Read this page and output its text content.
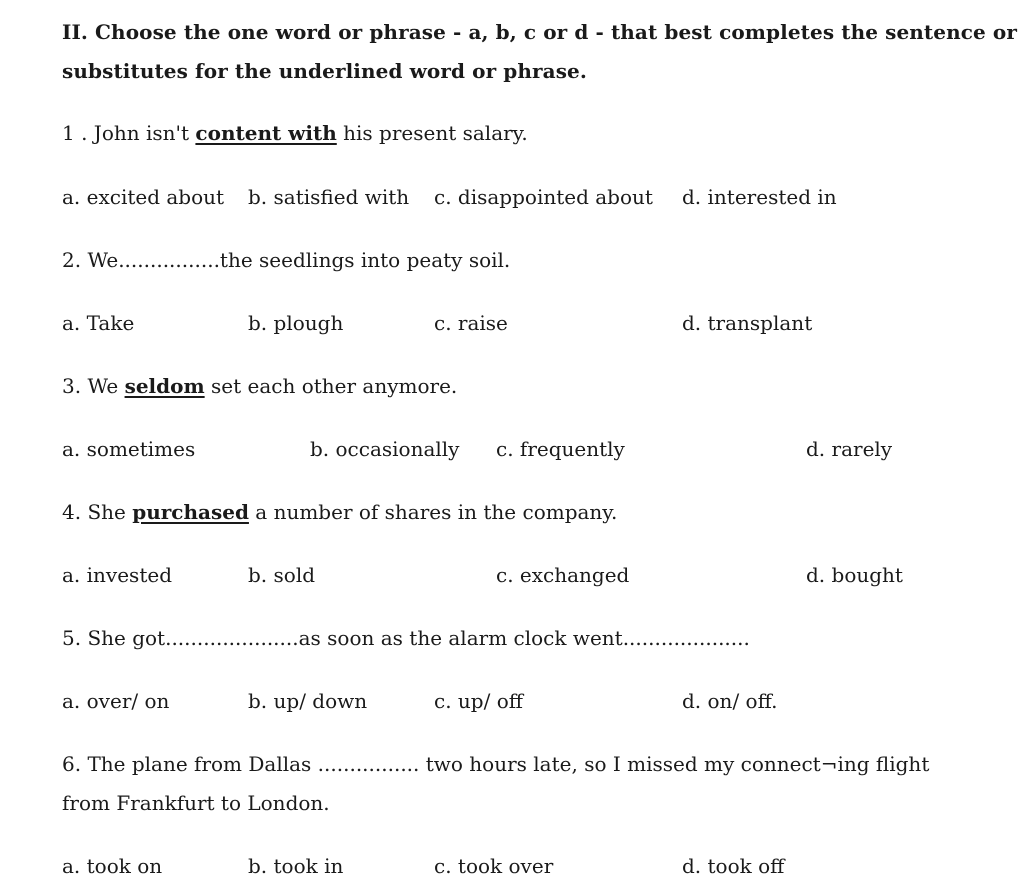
II. Choose the one word or phrase - a, b, c or d - that best completes the sentence or
substitutes for the underlined word or phrase.
1 . John isn't content with his present salary.
a. excited about b. satisfied with c. disappointed about d. interested in
2. We................the seedlings into peaty soil.
a. Take	b. plough	c. raise	d. transplant
3. We seldom set each other anymore.
a. sometimes	b. occasionally c. frequently	d. rarely
4. She purchased a number of shares in the company.
a. invested	b. sold	c. exchanged	d. bought
5. She got.....................as soon as the alarm clock went....................
a. over/ on	b. up/ down	c. up/ off	d. on/ off.
6. The plane from Dallas ................ two hours late, so I missed my connect¬ing flight
from Frankfurt to London.
a. took on	b. took in	c. took over	d. took off
